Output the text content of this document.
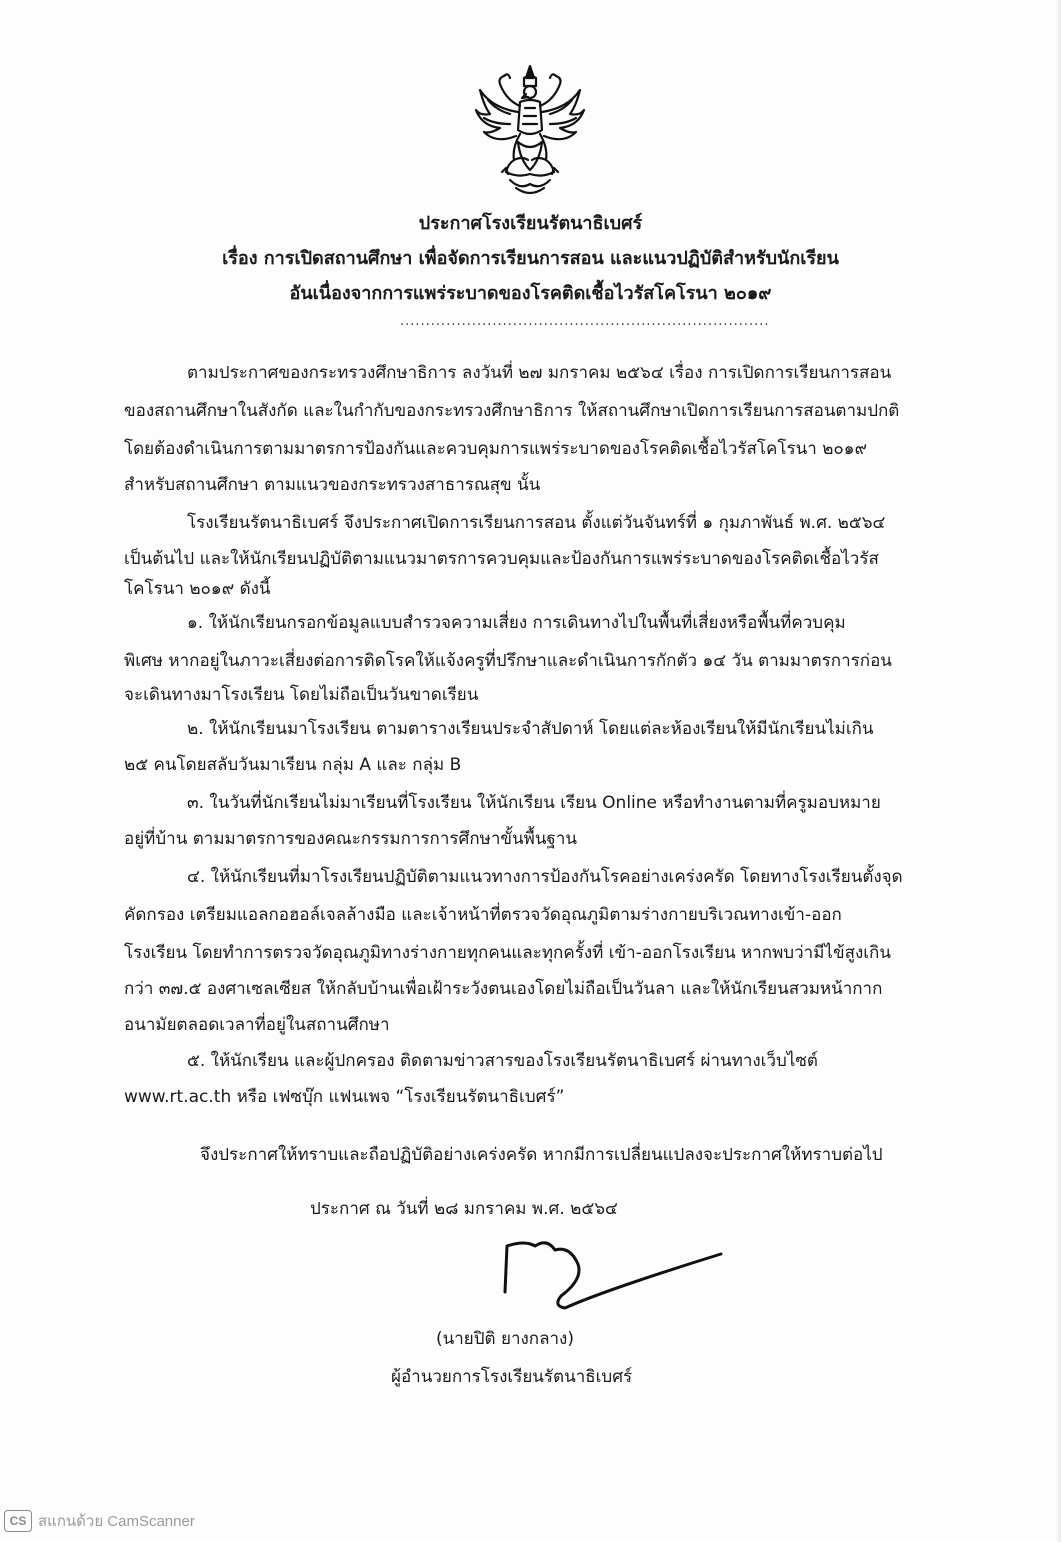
ประกาศโรงเรียนรัตนาธิเบศร์
เรื่อง การเปิดสถานศึกษา เพื่อจัดการเรียนการสอน และแนวปฏิบัติสำหรับนักเรียน
อันเนื่องจากการแพร่ระบาดของโรคติดเชื้อไวรัสโคโรนา ๒๐๑๙
........................................................................
ตามประกาศของกระทรวงศึกษาธิการ ลงวันที่ ๒๗ มกราคม ๒๕๖๔ เรื่อง การเปิดการเรียนการสอน
ของสถานศึกษาในสังกัด และในกำกับของกระทรวงศึกษาธิการ ให้สถานศึกษาเปิดการเรียนการสอนตามปกติ
โดยต้องดำเนินการตามมาตรการป้องกันและควบคุมการแพร่ระบาดของโรคติดเชื้อไวรัสโคโรนา ๒๐๑๙
สำหรับสถานศึกษา ตามแนวของกระทรวงสาธารณสุข นั้น
โรงเรียนรัตนาธิเบศร์ จึงประกาศเปิดการเรียนการสอน ตั้งแต่วันจันทร์ที่ ๑ กุมภาพันธ์ พ.ศ. ๒๕๖๔
เป็นต้นไป และให้นักเรียนปฏิบัติตามแนวมาตรการควบคุมและป้องกันการแพร่ระบาดของโรคติดเชื้อไวรัส
โคโรนา ๒๐๑๙ ดังนี้
๑. ให้นักเรียนกรอกข้อมูลแบบสำรวจความเสี่ยง การเดินทางไปในพื้นที่เสี่ยงหรือพื้นที่ควบคุม
พิเศษ หากอยู่ในภาวะเสี่ยงต่อการติดโรคให้แจ้งครูที่ปรึกษาและดำเนินการกักตัว ๑๔ วัน ตามมาตรการก่อน
จะเดินทางมาโรงเรียน โดยไม่ถือเป็นวันขาดเรียน
๒. ให้นักเรียนมาโรงเรียน ตามตารางเรียนประจำสัปดาห์ โดยแต่ละห้องเรียนให้มีนักเรียนไม่เกิน
๒๕ คนโดยสลับวันมาเรียน กลุ่ม A และ กลุ่ม B
๓. ในวันที่นักเรียนไม่มาเรียนที่โรงเรียน ให้นักเรียน เรียน Online หรือทำงานตามที่ครูมอบหมาย
อยู่ที่บ้าน ตามมาตรการของคณะกรรมการการศึกษาขั้นพื้นฐาน
๔. ให้นักเรียนที่มาโรงเรียนปฏิบัติตามแนวทางการป้องกันโรคอย่างเคร่งครัด โดยทางโรงเรียนตั้งจุด
คัดกรอง เตรียมแอลกอฮอล์เจลล้างมือ และเจ้าหน้าที่ตรวจวัดอุณภูมิตามร่างกายบริเวณทางเข้า-ออก
โรงเรียน โดยทำการตรวจวัดอุณภูมิทางร่างกายทุกคนและทุกครั้งที่ เข้า-ออกโรงเรียน หากพบว่ามีไข้สูงเกิน
กว่า ๓๗.๕ องศาเซลเซียส ให้กลับบ้านเพื่อเฝ้าระวังตนเองโดยไม่ถือเป็นวันลา และให้นักเรียนสวมหน้ากาก
อนามัยตลอดเวลาที่อยู่ในสถานศึกษา
๕. ให้นักเรียน และผู้ปกครอง ติดตามข่าวสารของโรงเรียนรัตนาธิเบศร์ ผ่านทางเว็บไซต์
www.rt.ac.th หรือ เฟซบุ๊ก แฟนเพจ “โรงเรียนรัตนาธิเบศร์”
จึงประกาศให้ทราบและถือปฏิบัติอย่างเคร่งครัด หากมีการเปลี่ยนแปลงจะประกาศให้ทราบต่อไป
ประกาศ ณ วันที่ ๒๘ มกราคม พ.ศ. ๒๕๖๔
(นายปิติ ยางกลาง)
ผู้อำนวยการโรงเรียนรัตนาธิเบศร์
CS สแกนด้วย CamScanner
